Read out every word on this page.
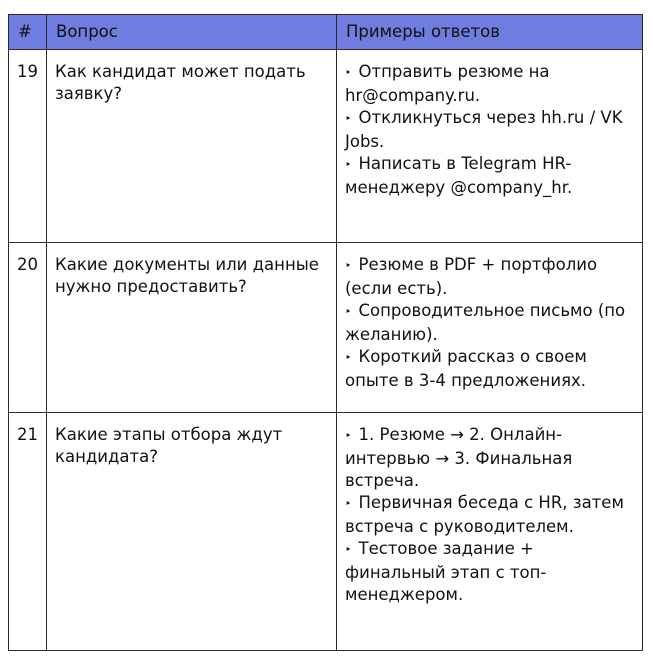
#	Вопрос	Примеры ответов
19	Как кандидат может подать заявку?	‣ Отправить резюме на hr@company.ru.
‣ Откликнуться через hh.ru / VK Jobs.
‣ Написать в Telegram HR-менеджеру @company_hr.

20	Какие документы или данные нужно предоставить?	‣ Резюме в PDF + портфолио (если есть).
‣ Сопроводительное письмо (по желанию).
‣ Короткий рассказ о своем опыте в 3-4 предложениях.

21	Какие этапы отбора ждут кандидата?	‣ 1. Резюме → 2. Онлайн-интервью → 3. Финальная встреча.
‣ Первичная беседа с HR, затем встреча с руководителем.
‣ Тестовое задание + финальный этап с топ-менеджером.
